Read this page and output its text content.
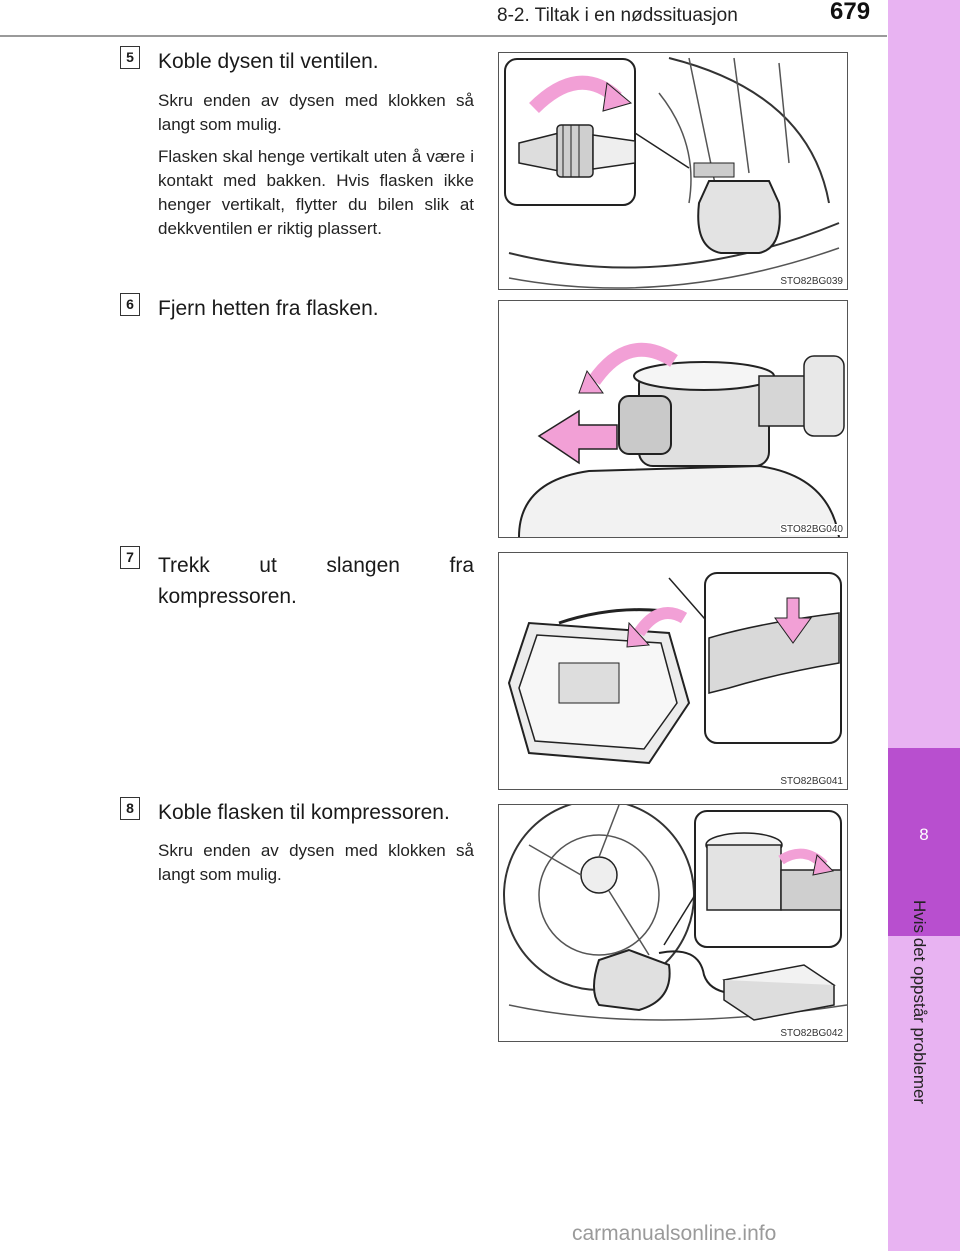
8-2. Tiltak i en nødssituasjon	679
8
Hvis det oppstår problemer
5 Koble dysen til ventilen.
Skru enden av dysen med klokken så langt som mulig.
Flasken skal henge vertikalt uten å være i kontakt med bakken. Hvis flasken ikke henger vertikalt, flytter du bilen slik at dekkventilen er riktig plassert.
STO82BG039
6 Fjern hetten fra flasken.
STO82BG040
7 Trekk ut slangen fra kompressoren.
STO82BG041
8 Koble flasken til kompressoren.
Skru enden av dysen med klokken så langt som mulig.
STO82BG042
carmanualsonline.info
